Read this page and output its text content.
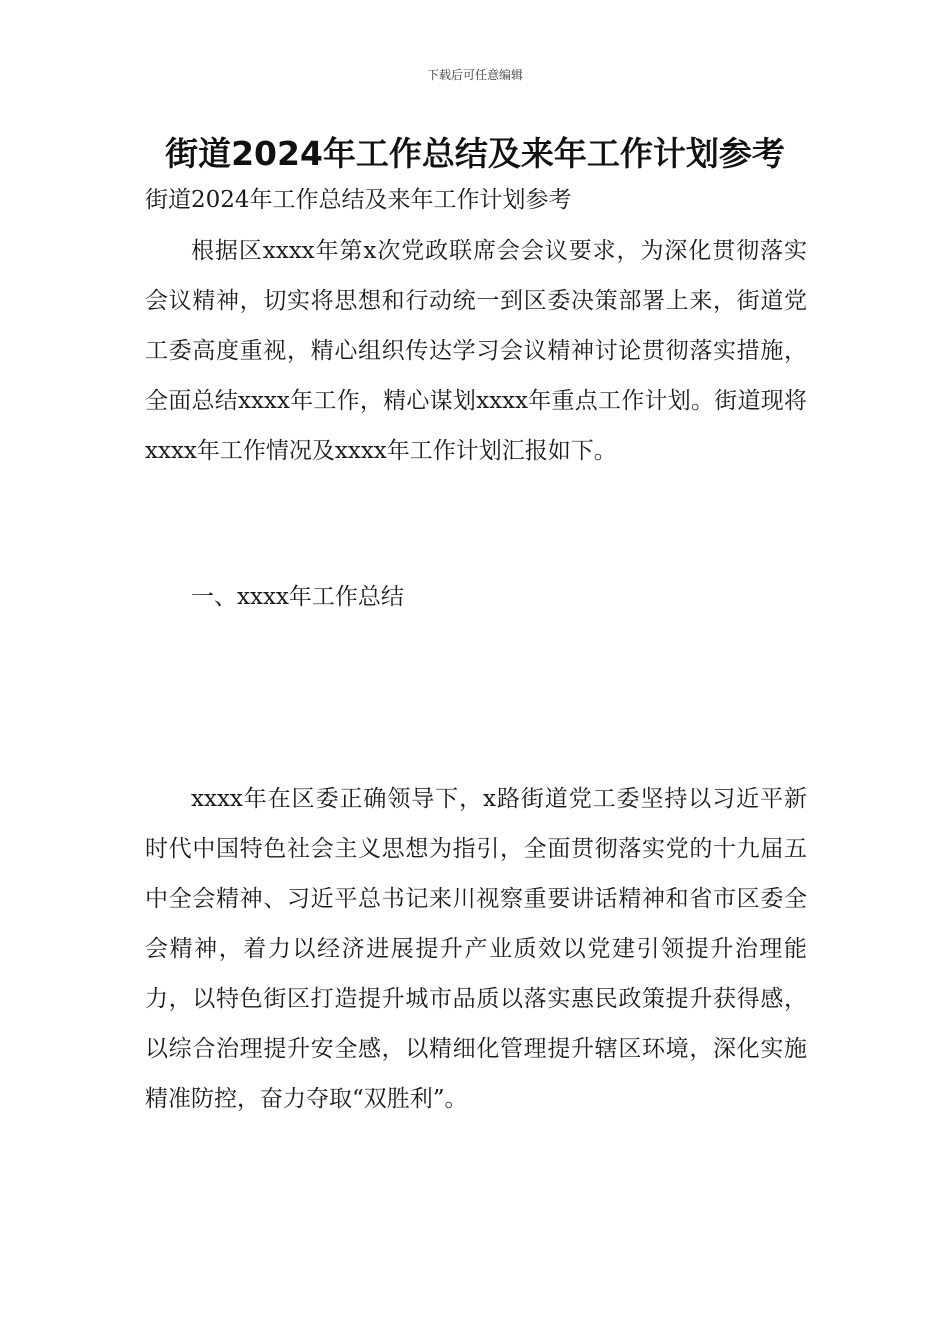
下载后可任意编辑
街道2024年工作总结及来年工作计划参考
街道2024年工作总结及来年工作计划参考
根据区xxxx年第x次党政联席会会议要求，为深化贯彻落实会议精神，切实将思想和行动统一到区委决策部署上来，街道党工委高度重视，精心组织传达学习会议精神讨论贯彻落实措施，全面总结xxxx年工作，精心谋划xxxx年重点工作计划。街道现将xxxx年工作情况及xxxx年工作计划汇报如下。
一、xxxx年工作总结
xxxx年在区委正确领导下，x路街道党工委坚持以习近平新时代中国特色社会主义思想为指引，全面贯彻落实党的十九届五中全会精神、习近平总书记来川视察重要讲话精神和省市区委全会精神，着力以经济进展提升产业质效以党建引领提升治理能力，以特色街区打造提升城市品质以落实惠民政策提升获得感，以综合治理提升安全感，以精细化管理提升辖区环境，深化实施精准防控，奋力夺取“双胜利”。
